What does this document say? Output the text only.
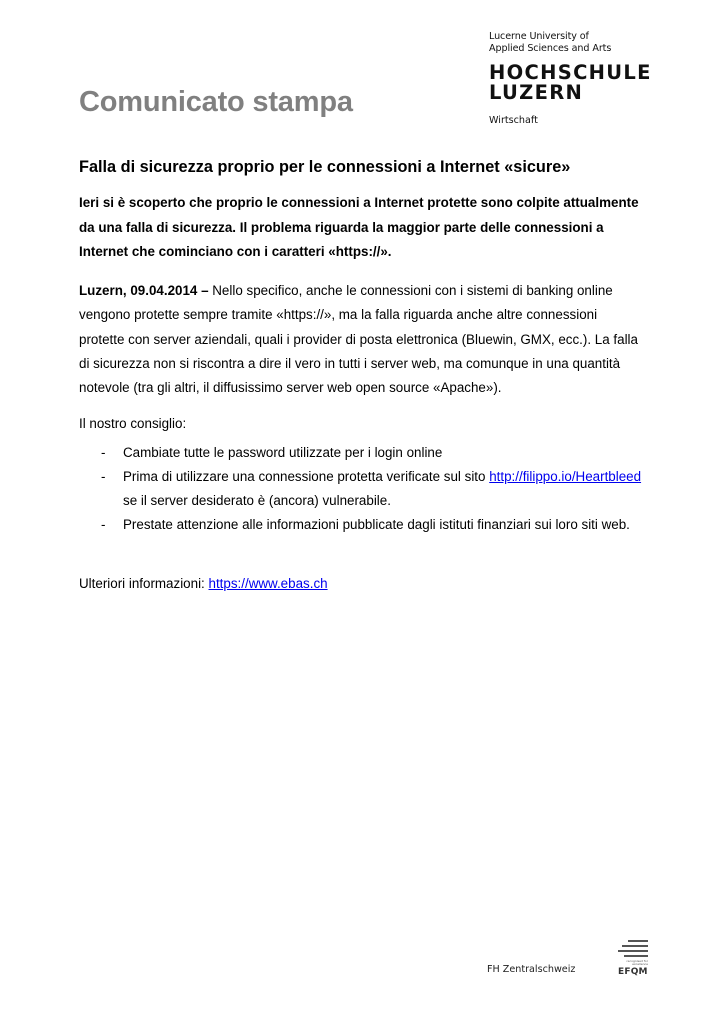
Comunicato stampa
Lucerne University of
Applied Sciences and Arts
HOCHSCHULE
LUZERN
Wirtschaft
Falla di sicurezza proprio per le connessioni a Internet «sicure»
Ieri si è scoperto che proprio le connessioni a Internet protette sono colpite attualmente da una falla di sicurezza. Il problema riguarda la maggior parte delle connessioni a Internet che cominciano con i caratteri «https://».
Luzern, 09.04.2014 – Nello specifico, anche le connessioni con i sistemi di banking online vengono protette sempre tramite «https://», ma la falla riguarda anche altre connessioni protette con server aziendali, quali i provider di posta elettronica (Bluewin, GMX, ecc.). La falla di sicurezza non si riscontra a dire il vero in tutti i server web, ma comunque in una quantità notevole (tra gli altri, il diffusissimo server web open source «Apache»).
Il nostro consiglio:
- Cambiate tutte le password utilizzate per i login online
- Prima di utilizzare una connessione protetta verificate sul sito http://filippo.io/Heartbleed se il server desiderato è (ancora) vulnerabile.
- Prestate attenzione alle informazioni pubblicate dagli istituti finanziari sui loro siti web.
Ulteriori informazioni: https://www.ebas.ch
FH Zentralschweiz
recognised for excellence
EFQM
